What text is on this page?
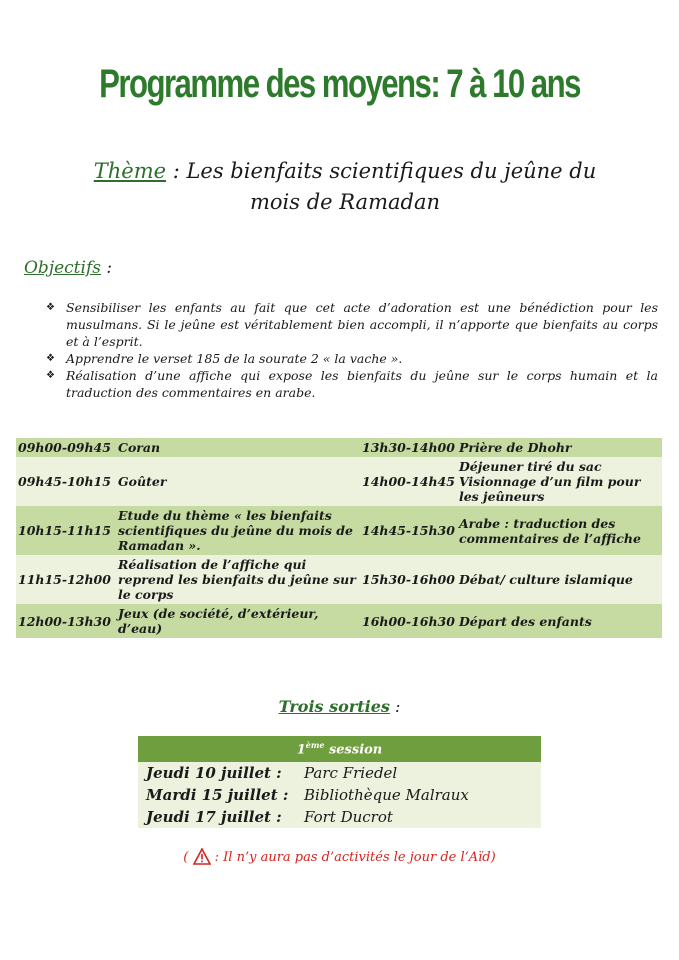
Programme des moyens: 7 à 10 ans
Thème : Les bienfaits scientifiques du jeûne du
mois de Ramadan
Objectifs :
❖ Sensibiliser les enfants au fait que cet acte d’adoration est une bénédiction pour les musulmans. Si le jeûne est véritablement bien accompli, il n’apporte que bienfaits au corps et à l’esprit.
❖ Apprendre le verset 185 de la sourate 2 « la vache ».
❖ Réalisation d’une affiche qui expose les bienfaits du jeûne sur le corps humain et la traduction des commentaires en arabe.
09h00-09h45	Coran	13h30-14h00	Prière de Dhohr
09h45-10h15	Goûter	14h00-14h45	Déjeuner tiré du sac Visionnage d’un film pour les jeûneurs
10h15-11h15	Etude du thème « les bienfaits scientifiques du jeûne du mois de Ramadan ».	14h45-15h30	Arabe : traduction des commentaires de l’affiche
11h15-12h00	Réalisation de l’affiche qui reprend les bienfaits du jeûne sur le corps	15h30-16h00	Débat/ culture islamique
12h00-13h30	Jeux (de société, d’extérieur, d’eau)	16h00-16h30	Départ des enfants
Trois sorties :
1ème session	
Jeudi 10 juillet :	Parc Friedel
Mardi 15 juillet :	Bibliothèque Malraux
Jeudi 17 juillet :	Fort Ducrot
(  : Il n’y aura pas d’activités le jour de l’Aïd)
